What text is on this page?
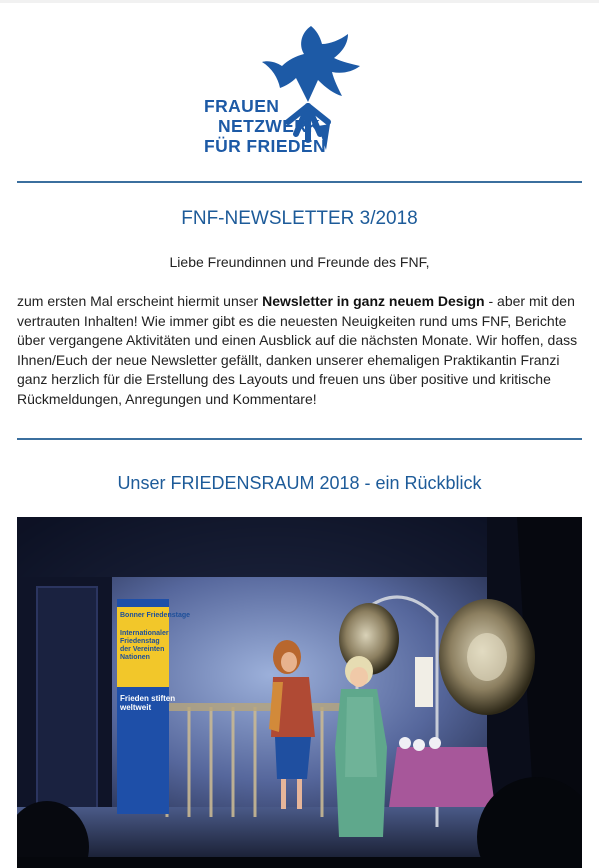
FRAUEN
NETZWERK
FÜR FRIEDEN
FNF-NEWSLETTER 3/2018
Liebe Freundinnen und Freunde des FNF,
zum ersten Mal erscheint hiermit unser Newsletter in ganz neuem Design - aber mit den vertrauten Inhalten! Wie immer gibt es die neuesten Neuigkeiten rund ums FNF, Berichte über vergangene Aktivitäten und einen Ausblick auf die nächsten Monate. Wir hoffen, dass Ihnen/Euch der neue Newsletter gefällt, danken unserer ehemaligen Praktikantin Franzi ganz herzlich für die Erstellung des Layouts und freuen uns über positive und kritische Rückmeldungen, Anregungen und Kommentare!
Unser FRIEDENSRAUM 2018 - ein Rückblick
Bonner Friedenstage
Internationaler
Friedenstag
der Vereinten
Nationen
Frieden stiften
weltweit
